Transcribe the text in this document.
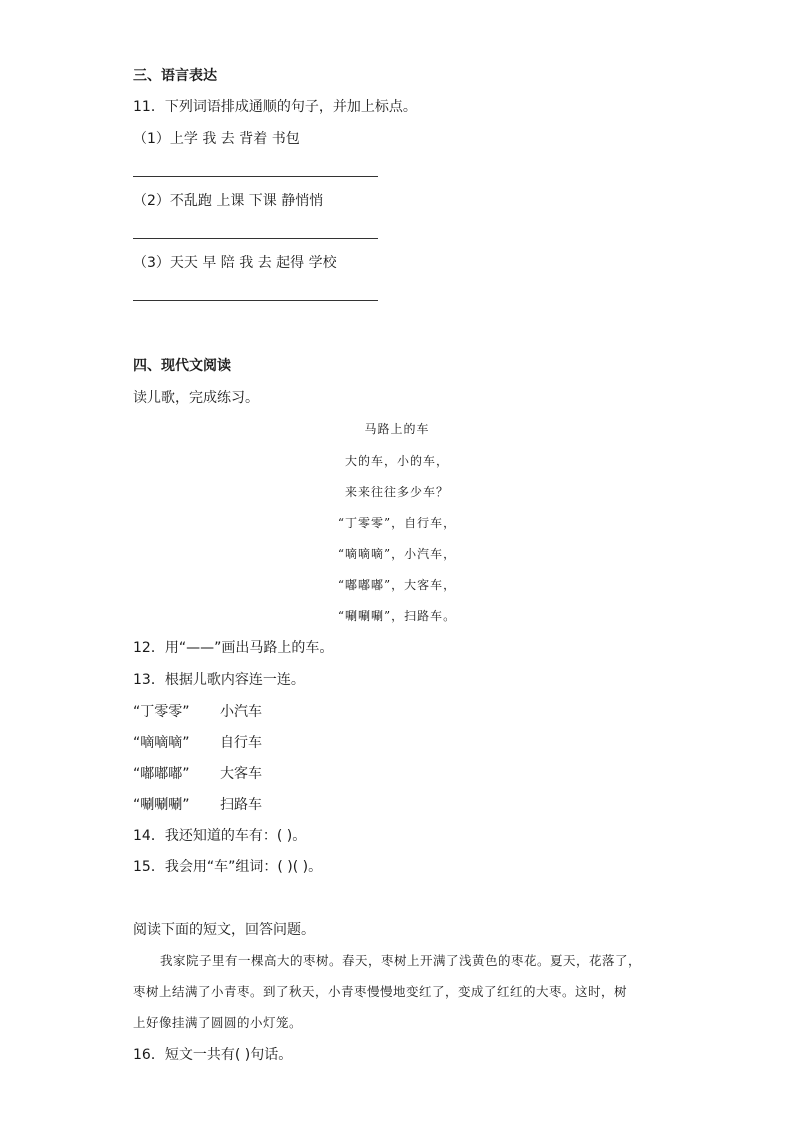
三、语言表达
11．下列词语排成通顺的句子，并加上标点。
（1）上学 我 去 背着 书包
（2）不乱跑 上课 下课 静悄悄
（3）天天 早 陪 我 去 起得 学校
四、现代文阅读
读儿歌，完成练习。
马路上的车
大的车，小的车，
来来往往多少车？
“丁零零”，自行车，
“嘀嘀嘀”，小汽车，
“嘟嘟嘟”，大客车，
“唰唰唰”，扫路车。
12．用“——”画出马路上的车。
13．根据儿歌内容连一连。
“丁零零” 小汽车
“嘀嘀嘀” 自行车
“嘟嘟嘟” 大客车
“唰唰唰” 扫路车
14．我还知道的车有：( )。
15．我会用“车”组词：( )( )。
阅读下面的短文，回答问题。
我家院子里有一棵高大的枣树。春天，枣树上开满了浅黄色的枣花。夏天，花落了，
枣树上结满了小青枣。到了秋天，小青枣慢慢地变红了，变成了红红的大枣。这时，树
上好像挂满了圆圆的小灯笼。
16．短文一共有( )句话。
